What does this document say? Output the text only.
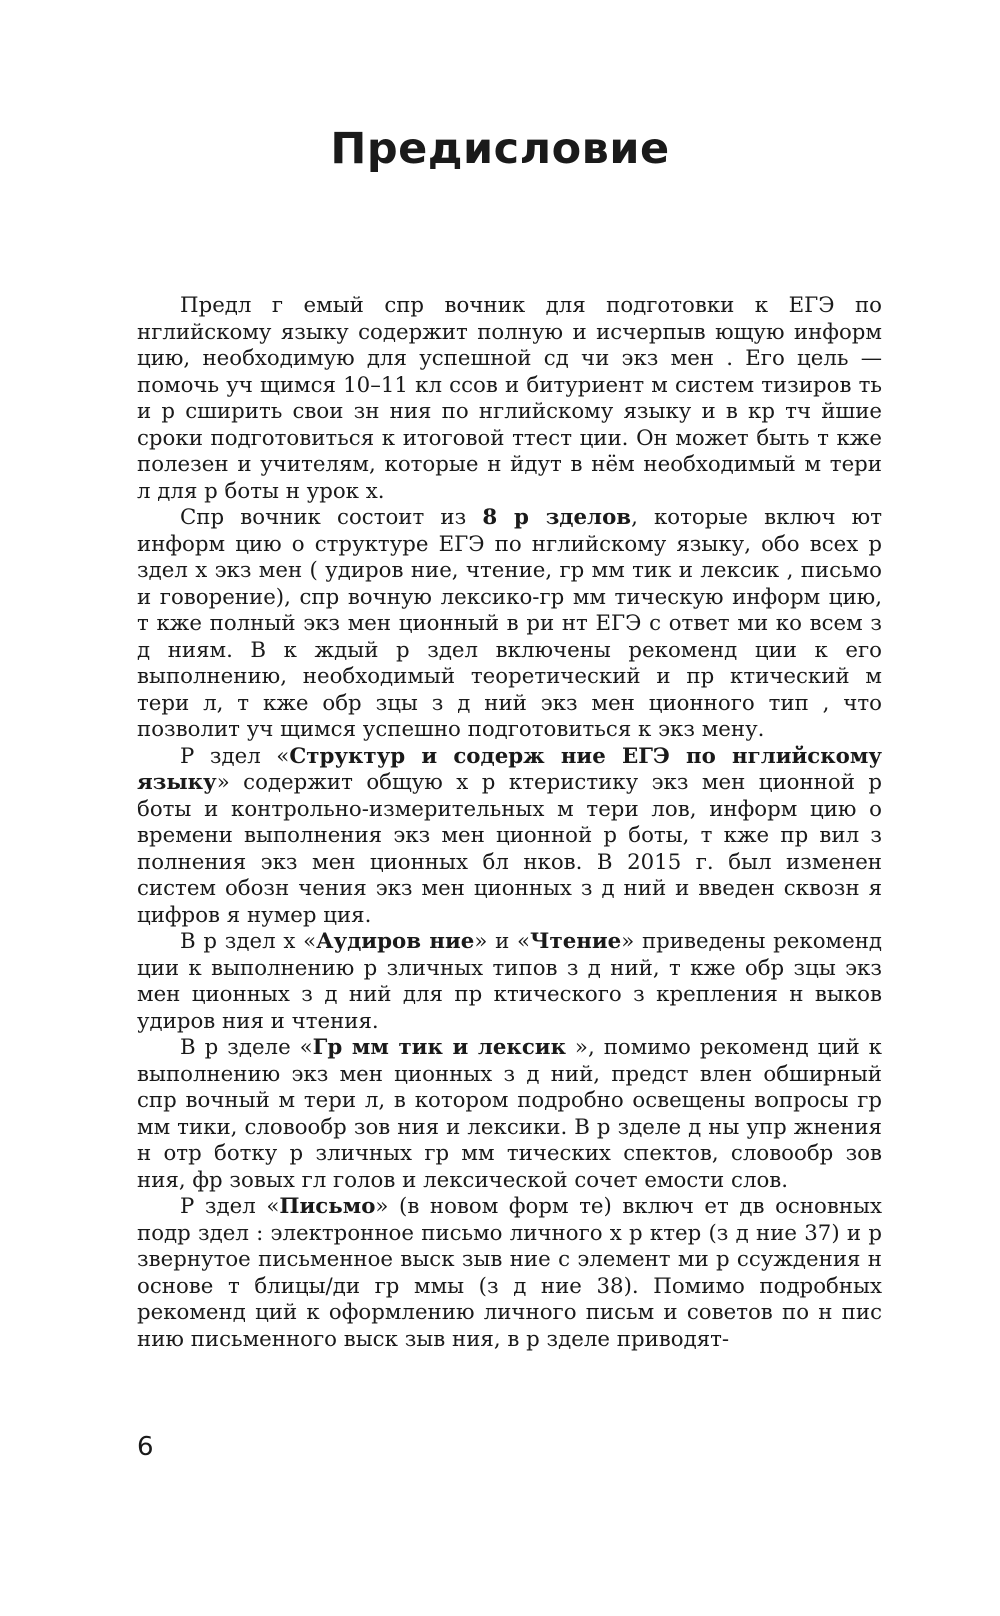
Предисловие

Предл г емый спр вочник для подготовки к ЕГЭ по нглийскому языку содержит полную и исчерпыв ющую информ цию, необходимую для успешной сд чи экз мен . Его цель — помочь уч щимся 10–11 кл ссов и битуриент м систем тизиров ть и р сширить свои зн ния по нглийскому языку и в кр тч йшие сроки подготовиться к итоговой ттест ции. Он может быть т кже полезен и учителям, которые н йдут в нём необходимый м тери л для р боты н урок х.

Спр вочник состоит из 8 р зделов, которые включ ют информ цию о структуре ЕГЭ по нглийскому языку, обо всех р здел х экз мен ( удиров ние, чтение, гр мм тик и лексик , письмо и говорение), спр вочную лексико-гр мм тическую информ цию, т кже полный экз мен ционный в ри нт ЕГЭ с ответ ми ко всем з д ниям. В к ждый р здел включены рекоменд ции к его выполнению, необходимый теоретический и пр ктический м тери л, т кже обр зцы з д ний экз мен ционного тип , что позволит уч щимся успешно подготовиться к экз мену.

Р здел «Структур и содерж ние ЕГЭ по нглийскому языку» содержит общую х р ктеристику экз мен ционной р боты и контрольно-измерительных м тери лов, информ цию о времени выполнения экз мен ционной р боты, т кже пр вил з полнения экз мен ционных бл нков. В 2015 г. был изменен систем обозн чения экз мен ционных з д ний и введен сквозн я цифров я нумер ция.

В р здел х «Аудиров ние» и «Чтение» приведены рекоменд ции к выполнению р зличных типов з д ний, т кже обр зцы экз мен ционных з д ний для пр ктического з крепления н выков удиров ния и чтения.

В р зделе «Гр мм тик и лексик », помимо рекоменд ций к выполнению экз мен ционных з д ний, предст влен обширный спр вочный м тери л, в котором подробно освещены вопросы гр мм тики, словообр зов ния и лексики. В р зделе д ны упр жнения н отр ботку р зличных гр мм тических спектов, словообр зов ния, фр зовых гл голов и лексической сочет емости слов.

Р здел «Письмо» (в новом форм те) включ ет дв основных подр здел : электронное письмо личного х р ктер (з д ние 37) и р звернутое письменное выск зыв ние с элемент ми р ссуждения н основе т блицы/ди гр ммы (з д ние 38). Помимо подробных рекоменд ций к оформлению личного письм и советов по н пис нию письменного выск зыв ния, в р зделе приводят-

6
